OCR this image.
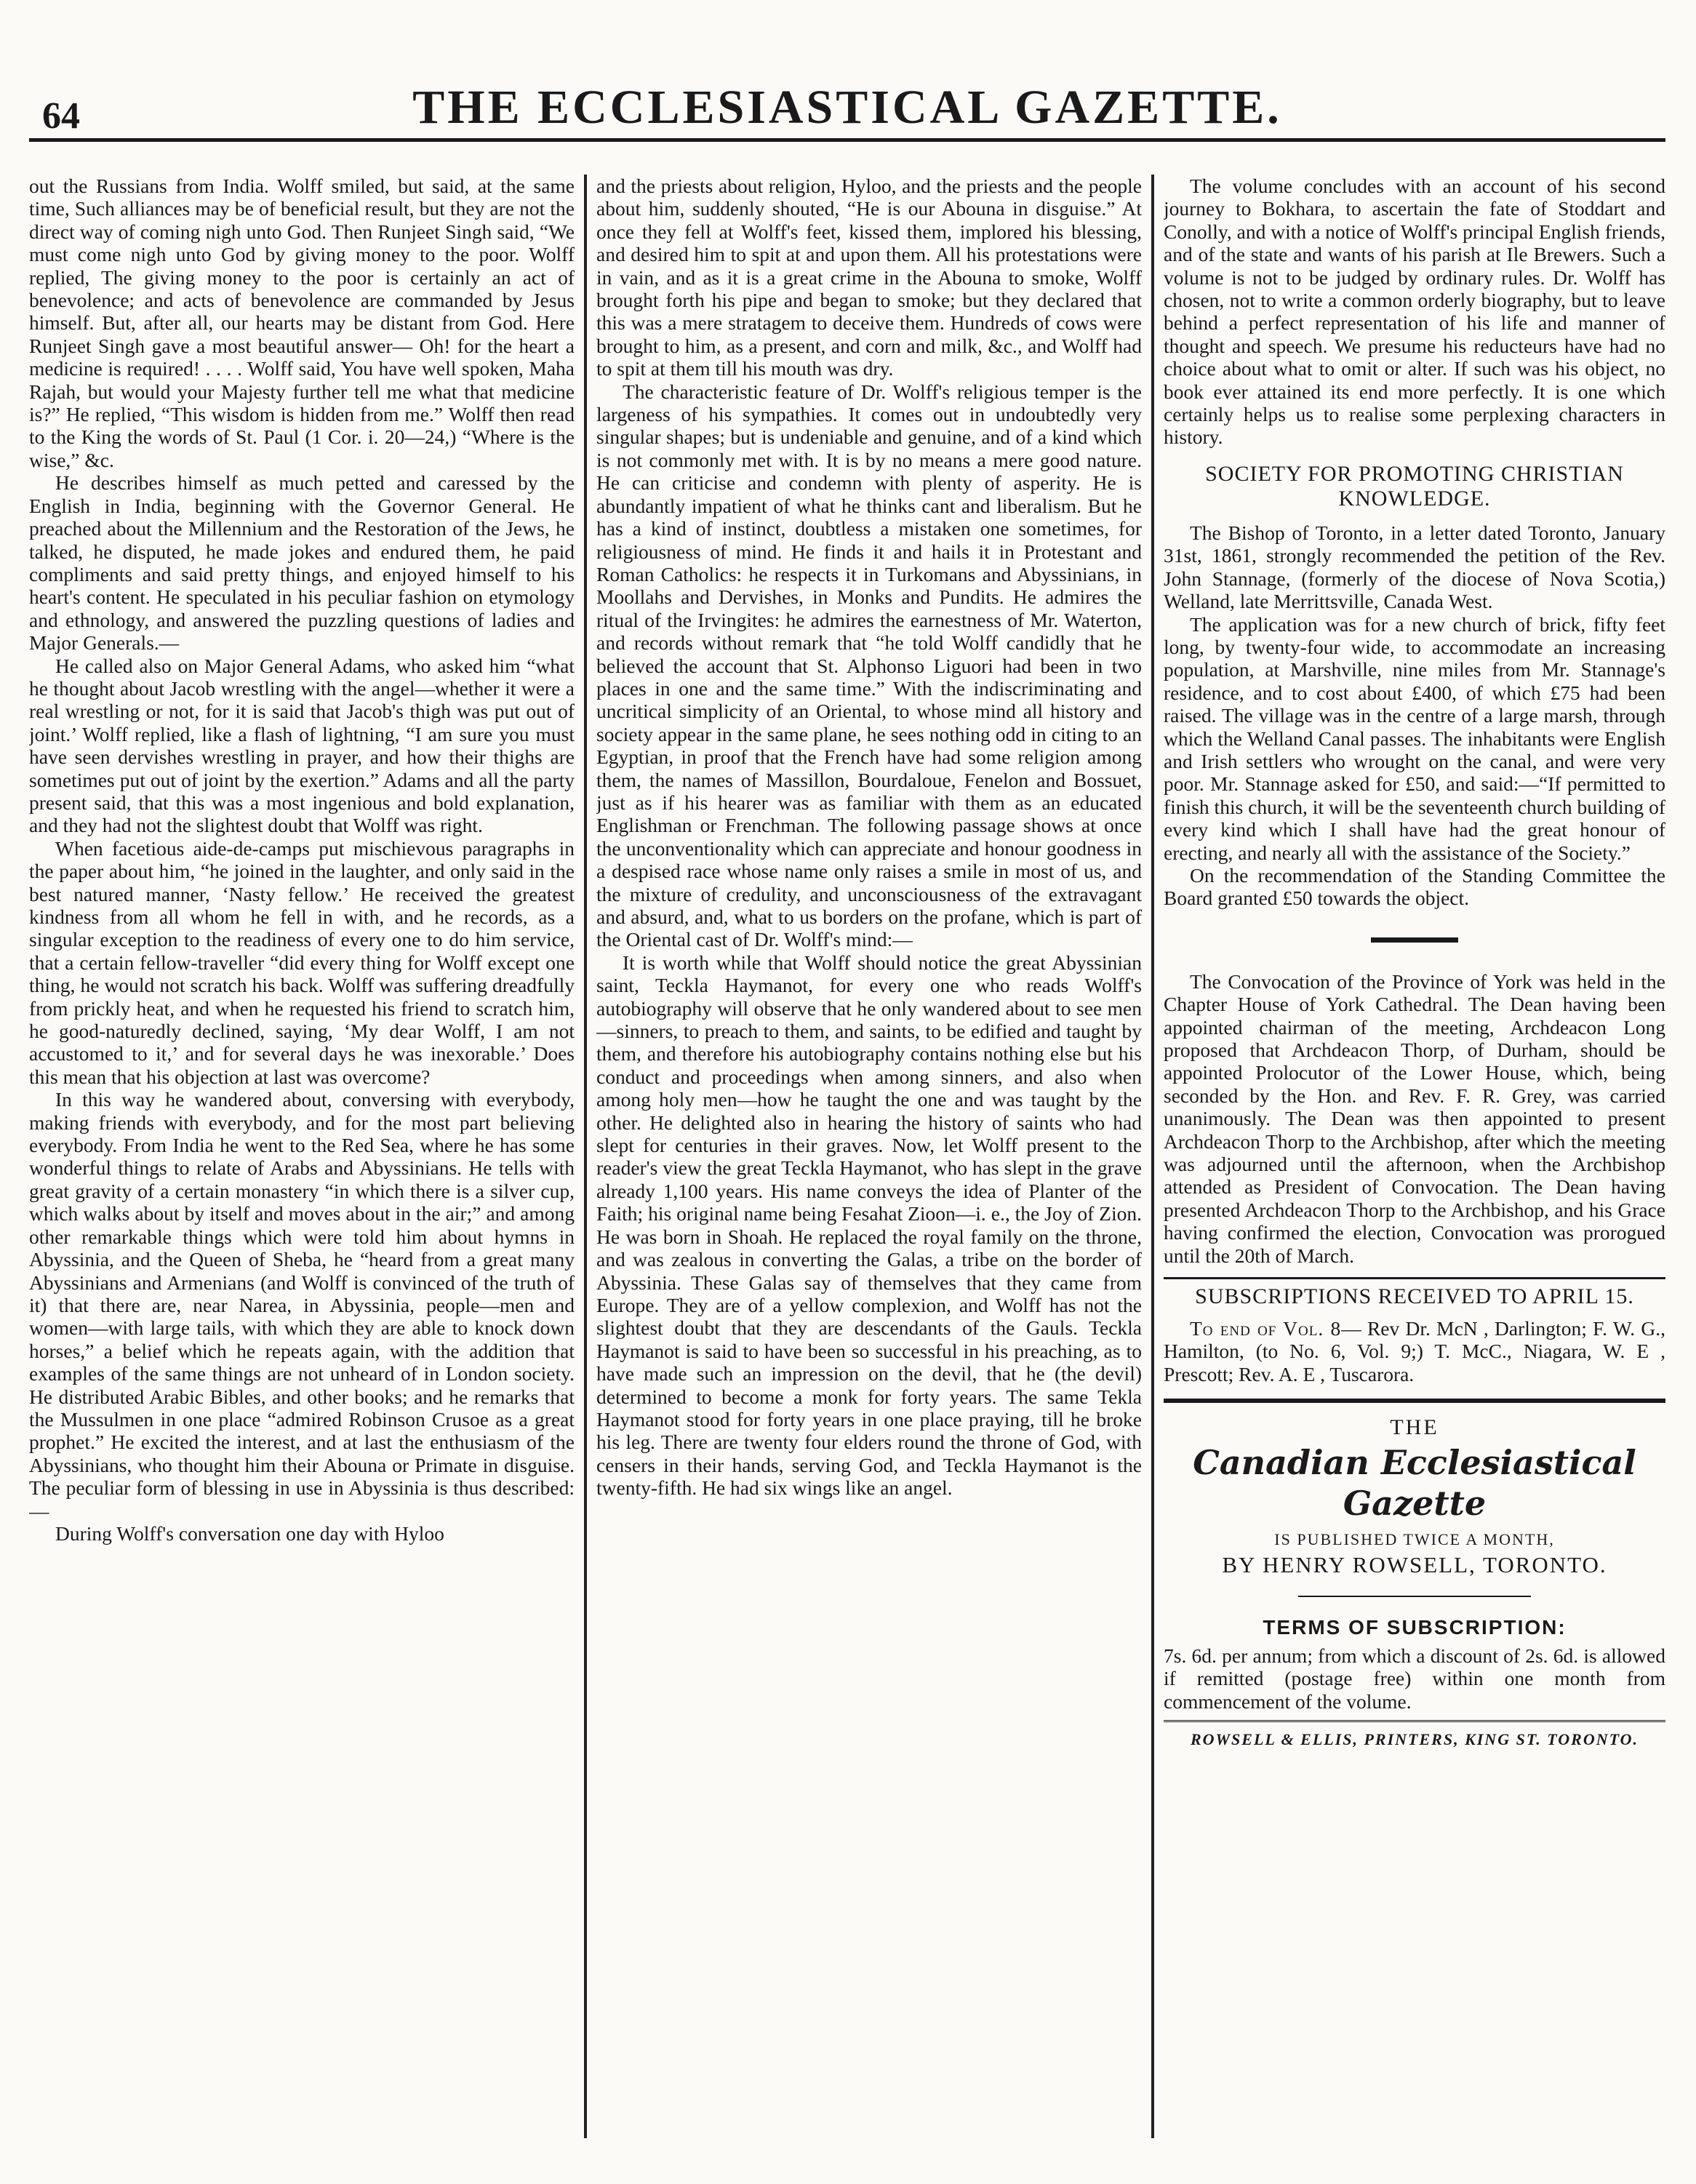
64	THE ECCLESIASTICAL GAZETTE.

out the Russians from India. Wolff smiled, but said, at the same time, Such alliances may be of beneficial result, but they are not the direct way of coming nigh unto God. Then Runjeet Singh said, “We must come nigh unto God by giving money to the poor. Wolff replied, The giving money to the poor is certainly an act of benevolence; and acts of benevolence are commanded by Jesus himself. But, after all, our hearts may be distant from God. Here Runjeet Singh gave a most beautiful answer— Oh! for the heart a medicine is required! . . . . Wolff said, You have well spoken, Maha Rajah, but would your Majesty further tell me what that medicine is?” He replied, “This wisdom is hidden from me.” Wolff then read to the King the words of St. Paul (1 Cor. i. 20—24,) “Where is the wise,” &c.

He describes himself as much petted and caressed by the English in India, beginning with the Governor General. He preached about the Millennium and the Restoration of the Jews, he talked, he disputed, he made jokes and endured them, he paid compliments and said pretty things, and enjoyed himself to his heart's content. He speculated in his peculiar fashion on etymology and ethnology, and answered the puzzling questions of ladies and Major Generals.—

He called also on Major General Adams, who asked him “what he thought about Jacob wrestling with the angel—whether it were a real wrestling or not, for it is said that Jacob's thigh was put out of joint.’ Wolff replied, like a flash of lightning, “I am sure you must have seen dervishes wrestling in prayer, and how their thighs are sometimes put out of joint by the exertion.” Adams and all the party present said, that this was a most ingenious and bold explanation, and they had not the slightest doubt that Wolff was right.

When facetious aide-de-camps put mischievous paragraphs in the paper about him, “he joined in the laughter, and only said in the best natured manner, ‘Nasty fellow.’ He received the greatest kindness from all whom he fell in with, and he records, as a singular exception to the readiness of every one to do him service, that a certain fellow-traveller “did every thing for Wolff except one thing, he would not scratch his back. Wolff was suffering dreadfully from prickly heat, and when he requested his friend to scratch him, he good-naturedly declined, saying, ‘My dear Wolff, I am not accustomed to it,’ and for several days he was inexorable.’ Does this mean that his objection at last was overcome?

In this way he wandered about, conversing with everybody, making friends with everybody, and for the most part believing everybody. From India he went to the Red Sea, where he has some wonderful things to relate of Arabs and Abyssinians. He tells with great gravity of a certain monastery “in which there is a silver cup, which walks about by itself and moves about in the air;” and among other remarkable things which were told him about hymns in Abyssinia, and the Queen of Sheba, he “heard from a great many Abyssinians and Armenians (and Wolff is convinced of the truth of it) that there are, near Narea, in Abyssinia, people—men and women—with large tails, with which they are able to knock down horses,” a belief which he repeats again, with the addition that examples of the same things are not unheard of in London society. He distributed Arabic Bibles, and other books; and he remarks that the Mussulmen in one place “admired Robinson Crusoe as a great prophet.” He excited the interest, and at last the enthusiasm of the Abyssinians, who thought him their Abouna or Primate in disguise. The peculiar form of blessing in use in Abyssinia is thus described:—

During Wolff's conversation one day with Hyloo

and the priests about religion, Hyloo, and the priests and the people about him, suddenly shouted, “He is our Abouna in disguise.” At once they fell at Wolff's feet, kissed them, implored his blessing, and desired him to spit at and upon them. All his protestations were in vain, and as it is a great crime in the Abouna to smoke, Wolff brought forth his pipe and began to smoke; but they declared that this was a mere stratagem to deceive them. Hundreds of cows were brought to him, as a present, and corn and milk, &c., and Wolff had to spit at them till his mouth was dry.

The characteristic feature of Dr. Wolff's religious temper is the largeness of his sympathies. It comes out in undoubtedly very singular shapes; but is undeniable and genuine, and of a kind which is not commonly met with. It is by no means a mere good nature. He can criticise and condemn with plenty of asperity. He is abundantly impatient of what he thinks cant and liberalism. But he has a kind of instinct, doubtless a mistaken one sometimes, for religiousness of mind. He finds it and hails it in Protestant and Roman Catholics: he respects it in Turkomans and Abyssinians, in Moollahs and Dervishes, in Monks and Pundits. He admires the ritual of the Irvingites: he admires the earnestness of Mr. Waterton, and records without remark that “he told Wolff candidly that he believed the account that St. Alphonso Liguori had been in two places in one and the same time.” With the indiscriminating and uncritical simplicity of an Oriental, to whose mind all history and society appear in the same plane, he sees nothing odd in citing to an Egyptian, in proof that the French have had some religion among them, the names of Massillon, Bourdaloue, Fenelon and Bossuet, just as if his hearer was as familiar with them as an educated Englishman or Frenchman. The following passage shows at once the unconventionality which can appreciate and honour goodness in a despised race whose name only raises a smile in most of us, and the mixture of credulity, and unconsciousness of the extravagant and absurd, and, what to us borders on the profane, which is part of the Oriental cast of Dr. Wolff's mind:—

It is worth while that Wolff should notice the great Abyssinian saint, Teckla Haymanot, for every one who reads Wolff's autobiography will observe that he only wandered about to see men—sinners, to preach to them, and saints, to be edified and taught by them, and therefore his autobiography contains nothing else but his conduct and proceedings when among sinners, and also when among holy men—how he taught the one and was taught by the other. He delighted also in hearing the history of saints who had slept for centuries in their graves. Now, let Wolff present to the reader's view the great Teckla Haymanot, who has slept in the grave already 1,100 years. His name conveys the idea of Planter of the Faith; his original name being Fesahat Zioon—i. e., the Joy of Zion. He was born in Shoah. He replaced the royal family on the throne, and was zealous in converting the Galas, a tribe on the border of Abyssinia. These Galas say of themselves that they came from Europe. They are of a yellow complexion, and Wolff has not the slightest doubt that they are descendants of the Gauls. Teckla Haymanot is said to have been so successful in his preaching, as to have made such an impression on the devil, that he (the devil) determined to become a monk for forty years. The same Tekla Haymanot stood for forty years in one place praying, till he broke his leg. There are twenty four elders round the throne of God, with censers in their hands, serving God, and Teckla Haymanot is the twenty-fifth. He had six wings like an angel.

The volume concludes with an account of his second journey to Bokhara, to ascertain the fate of Stoddart and Conolly, and with a notice of Wolff's principal English friends, and of the state and wants of his parish at Ile Brewers. Such a volume is not to be judged by ordinary rules. Dr. Wolff has chosen, not to write a common orderly biography, but to leave behind a perfect representation of his life and manner of thought and speech. We presume his reducteurs have had no choice about what to omit or alter. If such was his object, no book ever attained its end more perfectly. It is one which certainly helps us to realise some perplexing characters in history.

SOCIETY FOR PROMOTING CHRISTIAN KNOWLEDGE.

The Bishop of Toronto, in a letter dated Toronto, January 31st, 1861, strongly recommended the petition of the Rev. John Stannage, (formerly of the diocese of Nova Scotia,) Welland, late Merrittsville, Canada West.

The application was for a new church of brick, fifty feet long, by twenty-four wide, to accommodate an increasing population, at Marshville, nine miles from Mr. Stannage's residence, and to cost about £400, of which £75 had been raised. The village was in the centre of a large marsh, through which the Welland Canal passes. The inhabitants were English and Irish settlers who wrought on the canal, and were very poor. Mr. Stannage asked for £50, and said:—“If permitted to finish this church, it will be the seventeenth church building of every kind which I shall have had the great honour of erecting, and nearly all with the assistance of the Society.”

On the recommendation of the Standing Committee the Board granted £50 towards the object.

The Convocation of the Province of York was held in the Chapter House of York Cathedral. The Dean having been appointed chairman of the meeting, Archdeacon Long proposed that Archdeacon Thorp, of Durham, should be appointed Prolocutor of the Lower House, which, being seconded by the Hon. and Rev. F. R. Grey, was carried unanimously. The Dean was then appointed to present Archdeacon Thorp to the Archbishop, after which the meeting was adjourned until the afternoon, when the Archbishop attended as President of Convocation. The Dean having presented Archdeacon Thorp to the Archbishop, and his Grace having confirmed the election, Convocation was prorogued until the 20th of March.

SUBSCRIPTIONS RECEIVED TO APRIL 15.

To end of Vol. 8— Rev Dr. McN , Darlington; F. W. G., Hamilton, (to No. 6, Vol. 9;) T. McC., Niagara, W. E , Prescott; Rev. A. E , Tuscarora.

THE
Canadian Ecclesiastical Gazette
IS PUBLISHED TWICE A MONTH,
BY HENRY ROWSELL, TORONTO.
TERMS OF SUBSCRIPTION:

7s. 6d. per annum; from which a discount of 2s. 6d. is allowed if remitted (postage free) within one month from commencement of the volume.

ROWSELL & ELLIS, PRINTERS, KING ST. TORONTO.
